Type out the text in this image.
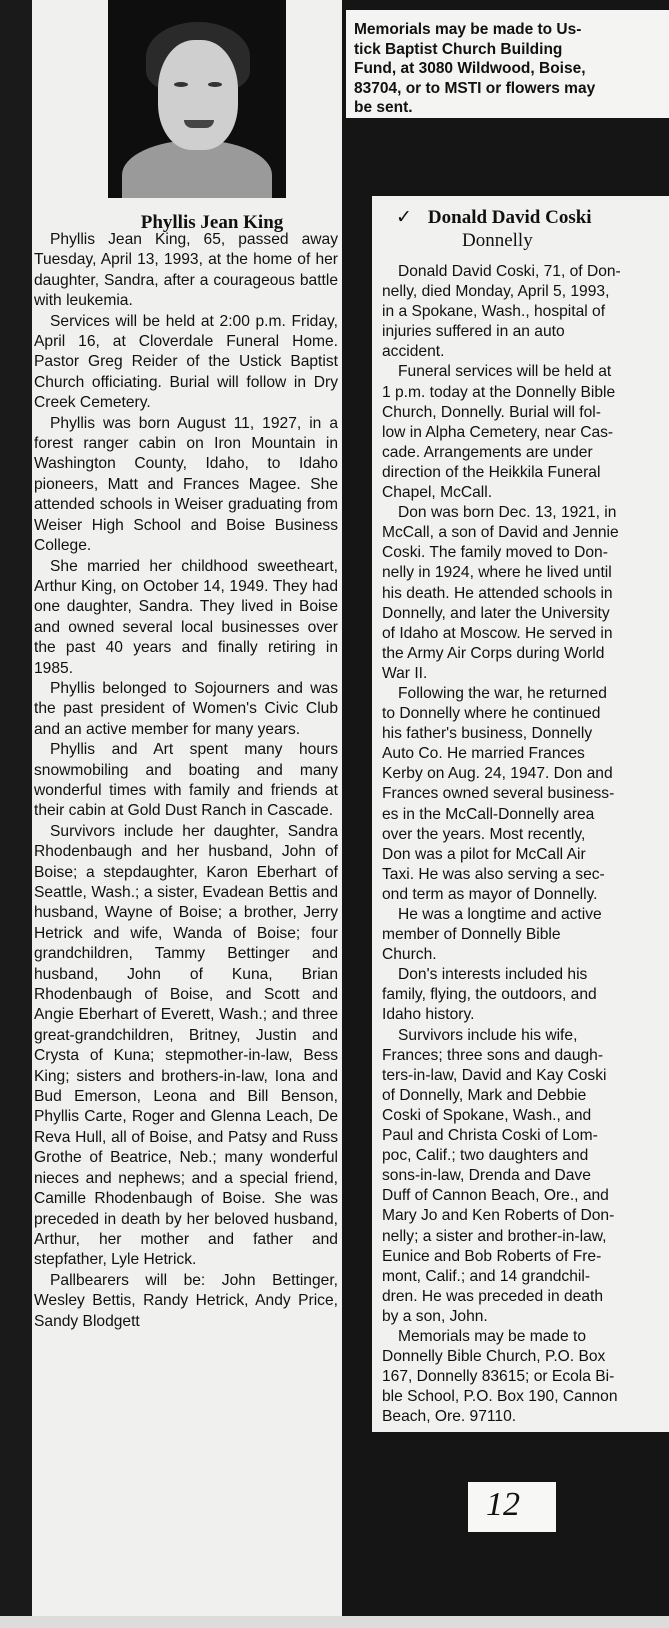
Phyllis Jean King

Phyllis Jean King, 65, passed away Tuesday, April 13, 1993, at the home of her daughter, Sandra, after a courageous battle with leukemia.

Services will be held at 2:00 p.m. Friday, April 16, at Cloverdale Funeral Home. Pastor Greg Reider of the Ustick Baptist Church officiating. Burial will follow in Dry Creek Cemetery.

Phyllis was born August 11, 1927, in a forest ranger cabin on Iron Mountain in Washington County, Idaho, to Idaho pioneers, Matt and Frances Magee. She attended schools in Weiser graduating from Weiser High School and Boise Business College.

She married her childhood sweetheart, Arthur King, on October 14, 1949. They had one daughter, Sandra. They lived in Boise and owned several local businesses over the past 40 years and finally retiring in 1985.

Phyllis belonged to Sojourners and was the past president of Women's Civic Club and an active member for many years.

Phyllis and Art spent many hours snowmobiling and boating and many wonderful times with family and friends at their cabin at Gold Dust Ranch in Cascade.

Survivors include her daughter, Sandra Rhodenbaugh and her husband, John of Boise; a stepdaughter, Karon Eberhart of Seattle, Wash.; a sister, Evadean Bettis and husband, Wayne of Boise; a brother, Jerry Hetrick and wife, Wanda of Boise; four grandchildren, Tammy Bettinger and husband, John of Kuna, Brian Rhodenbaugh of Boise, and Scott and Angie Eberhart of Everett, Wash.; and three great-grandchildren, Britney, Justin and Crysta of Kuna; stepmother-in-law, Bess King; sisters and brothers-in-law, Iona and Bud Emerson, Leona and Bill Benson, Phyllis Carte, Roger and Glenna Leach, De Reva Hull, all of Boise, and Patsy and Russ Grothe of Beatrice, Neb.; many wonderful nieces and nephews; and a special friend, Camille Rhodenbaugh of Boise. She was preceded in death by her beloved husband, Arthur, her mother and father and stepfather, Lyle Hetrick.

Pallbearers will be: John Bettinger, Wesley Bettis, Randy Hetrick, Andy Price, Sandy Blodgett

Memorials may be made to Us-
tick Baptist Church Building
Fund, at 3080 Wildwood, Boise,
83704, or to MSTI or flowers may
be sent.
✓ Donald David Coski
Donnelly

Donald David Coski, 71, of Don-

nelly, died Monday, April 5, 1993,

in a Spokane, Wash., hospital of

injuries suffered in an auto

accident.

Funeral services will be held at

1 p.m. today at the Donnelly Bible

Church, Donnelly. Burial will fol-

low in Alpha Cemetery, near Cas-

cade. Arrangements are under

direction of the Heikkila Funeral

Chapel, McCall.

Don was born Dec. 13, 1921, in

McCall, a son of David and Jennie

Coski. The family moved to Don-

nelly in 1924, where he lived until

his death. He attended schools in

Donnelly, and later the University

of Idaho at Moscow. He served in

the Army Air Corps during World

War II.

Following the war, he returned

to Donnelly where he continued

his father's business, Donnelly

Auto Co. He married Frances

Kerby on Aug. 24, 1947. Don and

Frances owned several business-

es in the McCall-Donnelly area

over the years. Most recently,

Don was a pilot for McCall Air

Taxi. He was also serving a sec-

ond term as mayor of Donnelly.

He was a longtime and active

member of Donnelly Bible

Church.

Don's interests included his

family, flying, the outdoors, and

Idaho history.

Survivors include his wife,

Frances; three sons and daugh-

ters-in-law, David and Kay Coski

of Donnelly, Mark and Debbie

Coski of Spokane, Wash., and

Paul and Christa Coski of Lom-

poc, Calif.; two daughters and

sons-in-law, Drenda and Dave

Duff of Cannon Beach, Ore., and

Mary Jo and Ken Roberts of Don-

nelly; a sister and brother-in-law,

Eunice and Bob Roberts of Fre-

mont, Calif.; and 14 grandchil-

dren. He was preceded in death

by a son, John.

Memorials may be made to

Donnelly Bible Church, P.O. Box

167, Donnelly 83615; or Ecola Bi-

ble School, P.O. Box 190, Cannon

Beach, Ore. 97110.

12
